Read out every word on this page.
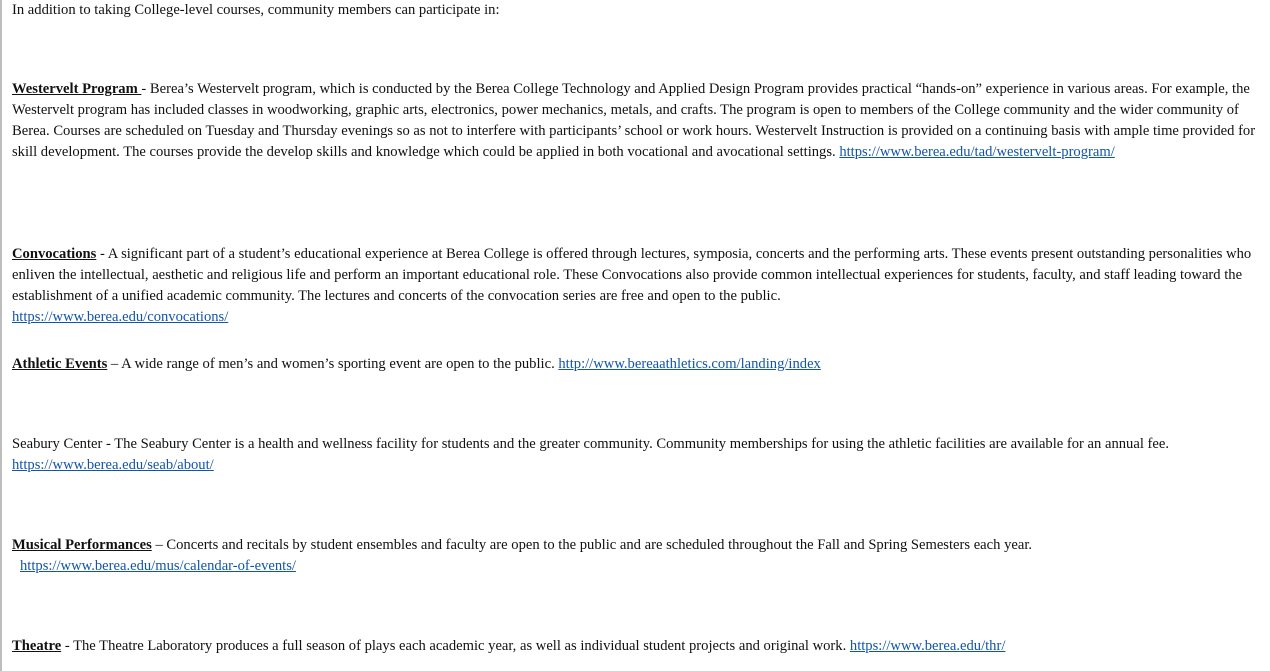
In addition to taking College-level courses, community members can participate in:

Westervelt Program - Berea’s Westervelt program, which is conducted by the Berea College Technology and Applied Design Program provides practical “hands-on” experience in various areas. For example, the Westervelt program has included classes in woodworking, graphic arts, electronics, power mechanics, metals, and crafts. The program is open to members of the College community and the wider community of Berea. Courses are scheduled on Tuesday and Thursday evenings so as not to interfere with participants’ school or work hours. Westervelt Instruction is provided on a continuing basis with ample time provided for skill development. The courses provide the develop skills and knowledge which could be applied in both vocational and avocational settings. https://www.berea.edu/tad/westervelt-program/

Convocations - A significant part of a student’s educational experience at Berea College is offered through lectures, symposia, concerts and the performing arts. These events present outstanding personalities who enliven the intellectual, aesthetic and religious life and perform an important educational role. These Convocations also provide common intellectual experiences for students, faculty, and staff leading toward the establishment of a unified academic community. The lectures and concerts of the convocation series are free and open to the public.
https://www.berea.edu/convocations/

Athletic Events – A wide range of men’s and women’s sporting event are open to the public. http://www.bereaathletics.com/landing/index

Seabury Center - The Seabury Center is a health and wellness facility for students and the greater community. Community memberships for using the athletic facilities are available for an annual fee. https://www.berea.edu/seab/about/

Musical Performances – Concerts and recitals by student ensembles and faculty are open to the public and are scheduled throughout the Fall and Spring Semesters each year.
https://www.berea.edu/mus/calendar-of-events/

Theatre - The Theatre Laboratory produces a full season of plays each academic year, as well as individual student projects and original work. https://www.berea.edu/thr/
